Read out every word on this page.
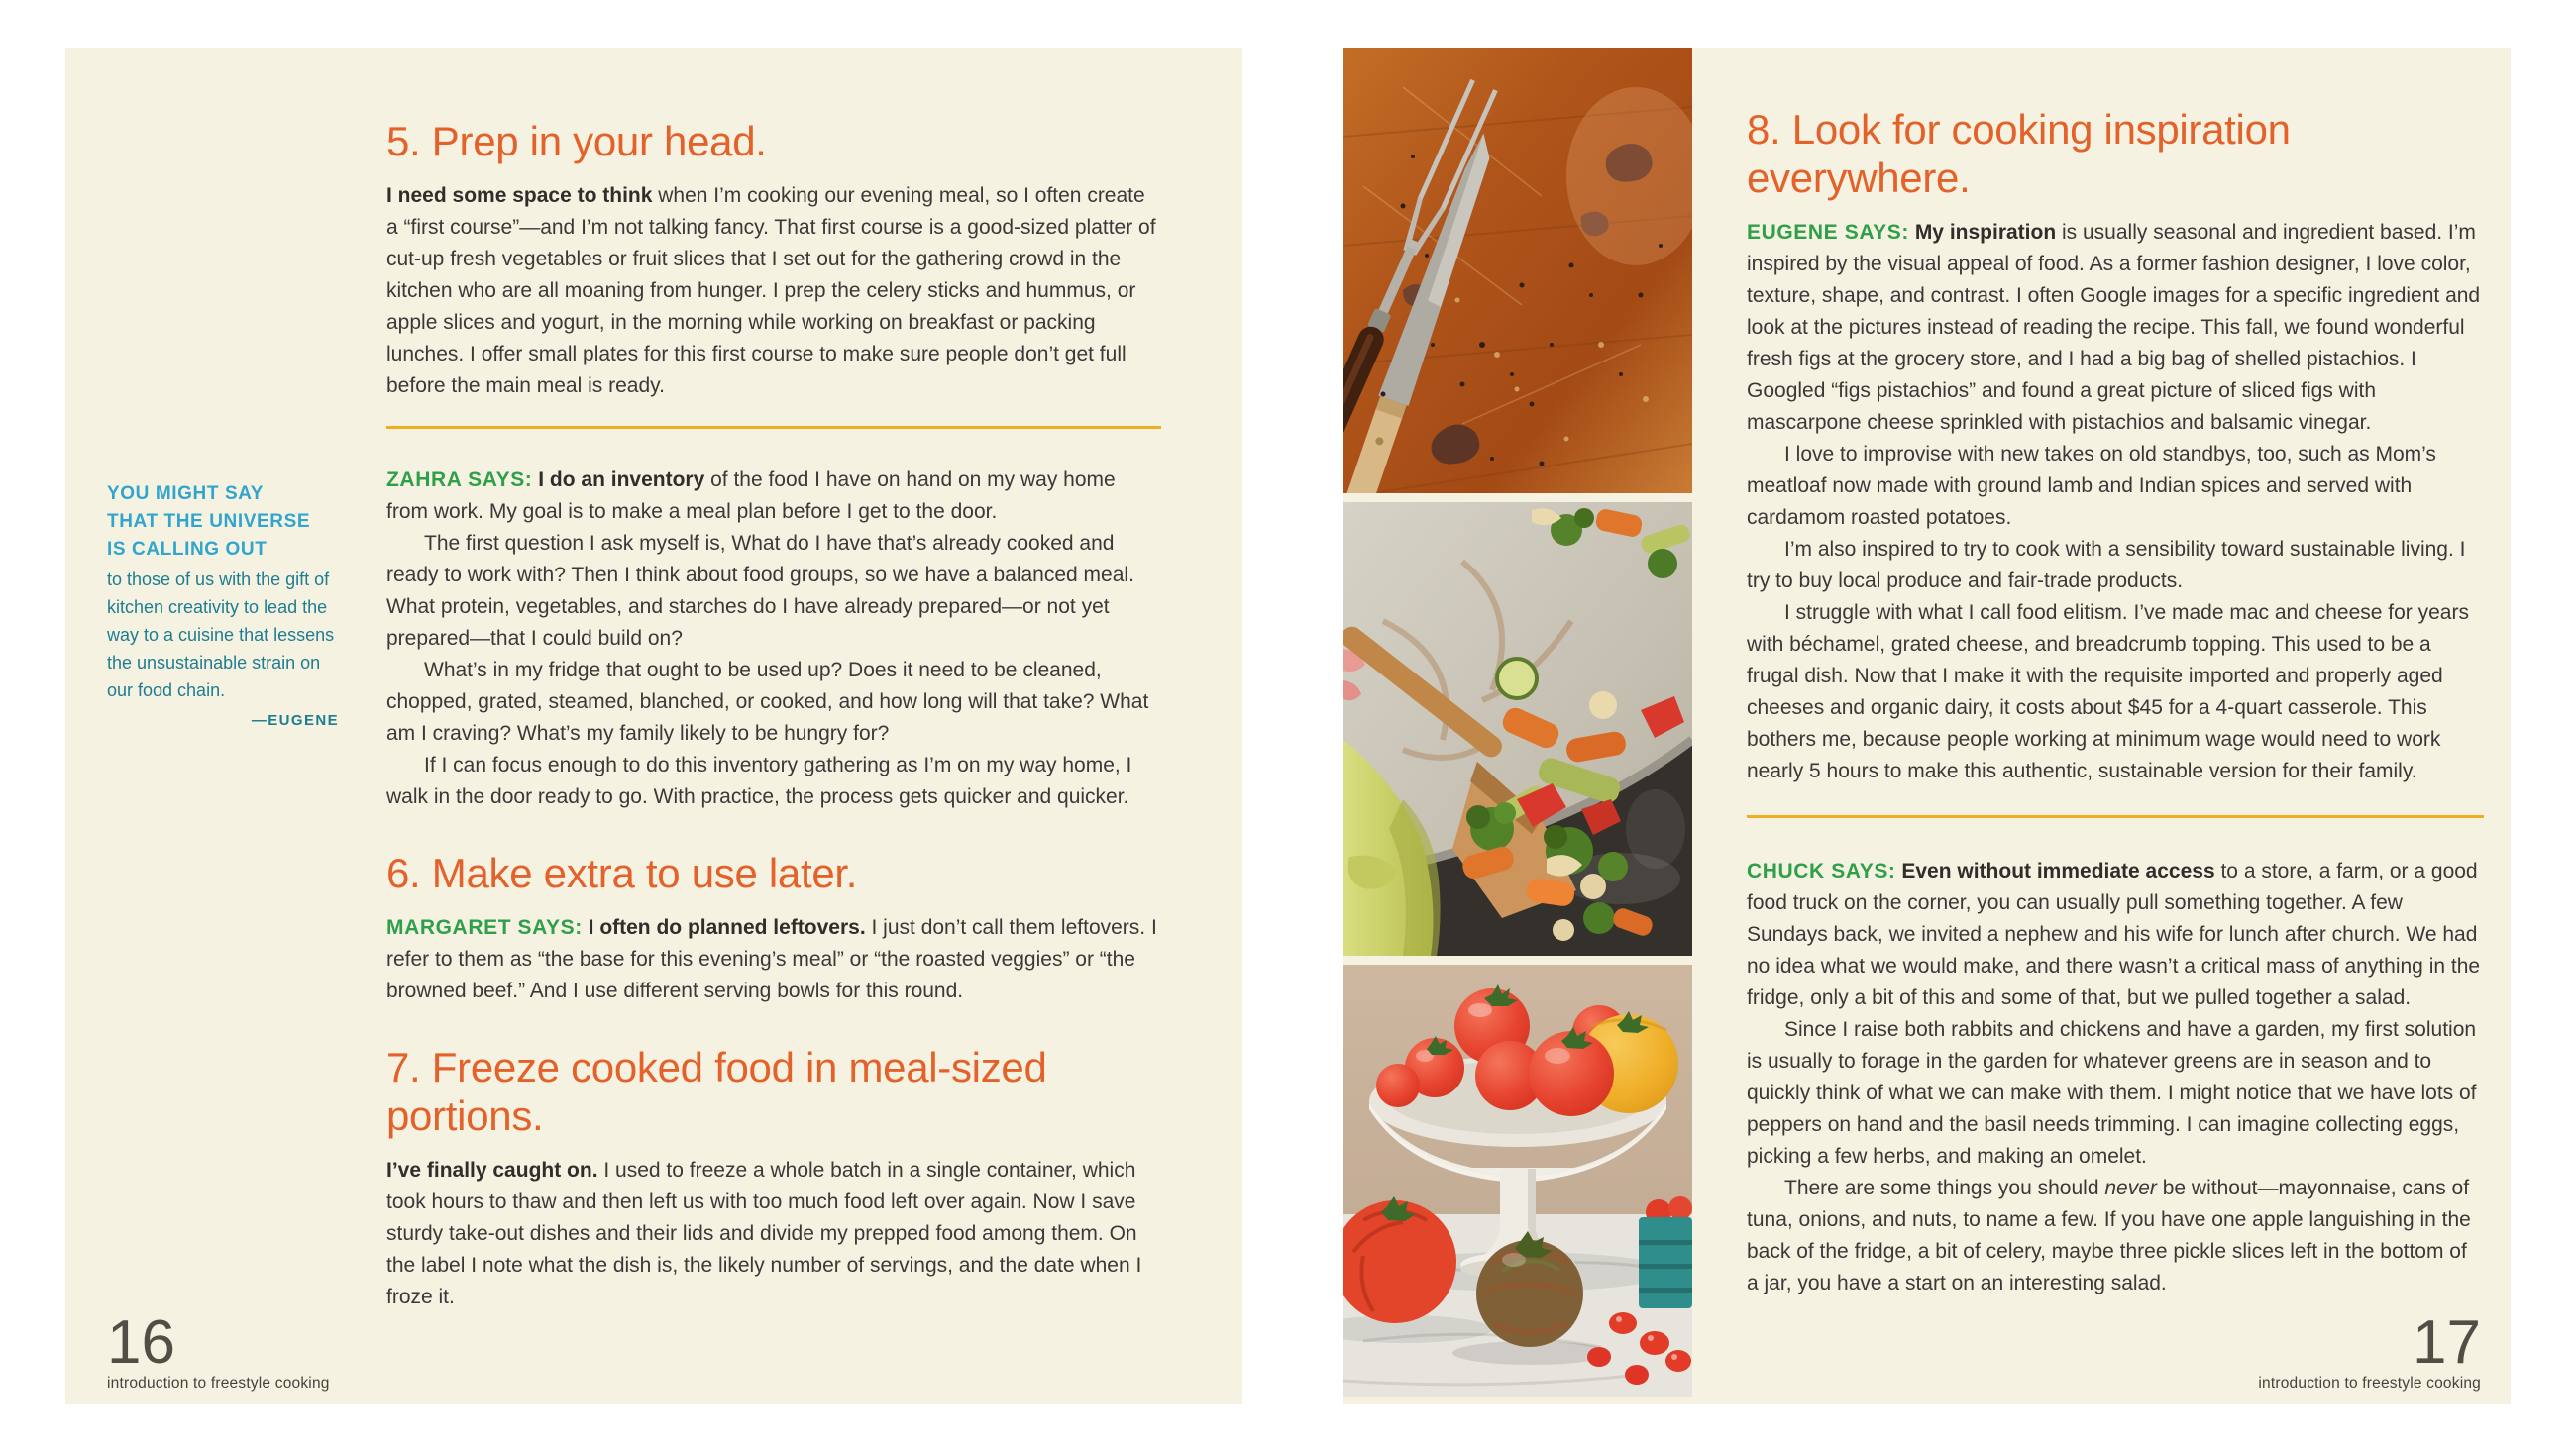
YOU MIGHT SAY
THAT THE UNIVERSE
IS CALLING OUT
to those of us with the gift of kitchen creativity to lead the way to a cuisine that lessens the unsustainable strain on our food chain.
—EUGENE
5. Prep in your head.

I need some space to think when I’m cooking our evening meal, so I often create a “first course”—and I’m not talking fancy. That first course is a good-sized platter of cut-up fresh vegetables or fruit slices that I set out for the gathering crowd in the kitchen who are all moaning from hunger. I prep the celery sticks and hummus, or apple slices and yogurt, in the morning while working on breakfast or packing lunches. I offer small plates for this first course to make sure people don’t get full before the main meal is ready.

ZAHRA SAYS: I do an inventory of the food I have on hand on my way home from work. My goal is to make a meal plan before I get to the door.

The first question I ask myself is, What do I have that’s already cooked and ready to work with? Then I think about food groups, so we have a balanced meal. What protein, vegetables, and starches do I have already prepared—or not yet prepared—that I could build on?

What’s in my fridge that ought to be used up? Does it need to be cleaned, chopped, grated, steamed, blanched, or cooked, and how long will that take? What am I craving? What’s my family likely to be hungry for?

If I can focus enough to do this inventory gathering as I’m on my way home, I walk in the door ready to go. With practice, the process gets quicker and quicker.

6. Make extra to use later.

MARGARET SAYS: I often do planned leftovers. I just don’t call them leftovers. I refer to them as “the base for this evening’s meal” or “the roasted veggies” or “the browned beef.” And I use different serving bowls for this round.

7. Freeze cooked food in meal-sized portions.

I’ve finally caught on. I used to freeze a whole batch in a single container, which took hours to thaw and then left us with too much food left over again. Now I save sturdy take-out dishes and their lids and divide my prepped food among them. On the label I note what the dish is, the likely number of servings, and the date when I froze it.

16
introduction to freestyle cooking
8. Look for cooking inspiration everywhere.

EUGENE SAYS: My inspiration is usually seasonal and ingredient based. I’m inspired by the visual appeal of food. As a former fashion designer, I love color, texture, shape, and contrast. I often Google images for a specific ingredient and look at the pictures instead of reading the recipe. This fall, we found wonderful fresh figs at the grocery store, and I had a big bag of shelled pistachios. I Googled “figs pistachios” and found a great picture of sliced figs with mascarpone cheese sprinkled with pistachios and balsamic vinegar.

I love to improvise with new takes on old standbys, too, such as Mom’s meatloaf now made with ground lamb and Indian spices and served with cardamom roasted potatoes.

I’m also inspired to try to cook with a sensibility toward sustainable living. I try to buy local produce and fair-trade products.

I struggle with what I call food elitism. I’ve made mac and cheese for years with béchamel, grated cheese, and breadcrumb topping. This used to be a frugal dish. Now that I make it with the requisite imported and properly aged cheeses and organic dairy, it costs about $45 for a 4-quart casserole. This bothers me, because people working at minimum wage would need to work nearly 5 hours to make this authentic, sustainable version for their family.

CHUCK SAYS: Even without immediate access to a store, a farm, or a good food truck on the corner, you can usually pull something together. A few Sundays back, we invited a nephew and his wife for lunch after church. We had no idea what we would make, and there wasn’t a critical mass of anything in the fridge, only a bit of this and some of that, but we pulled together a salad.

Since I raise both rabbits and chickens and have a garden, my first solution is usually to forage in the garden for whatever greens are in season and to quickly think of what we can make with them. I might notice that we have lots of peppers on hand and the basil needs trimming. I can imagine collecting eggs, picking a few herbs, and making an omelet.

There are some things you should never be without—mayonnaise, cans of tuna, onions, and nuts, to name a few. If you have one apple languishing in the back of the fridge, a bit of celery, maybe three pickle slices left in the bottom of a jar, you have a start on an interesting salad.

17
introduction to freestyle cooking
